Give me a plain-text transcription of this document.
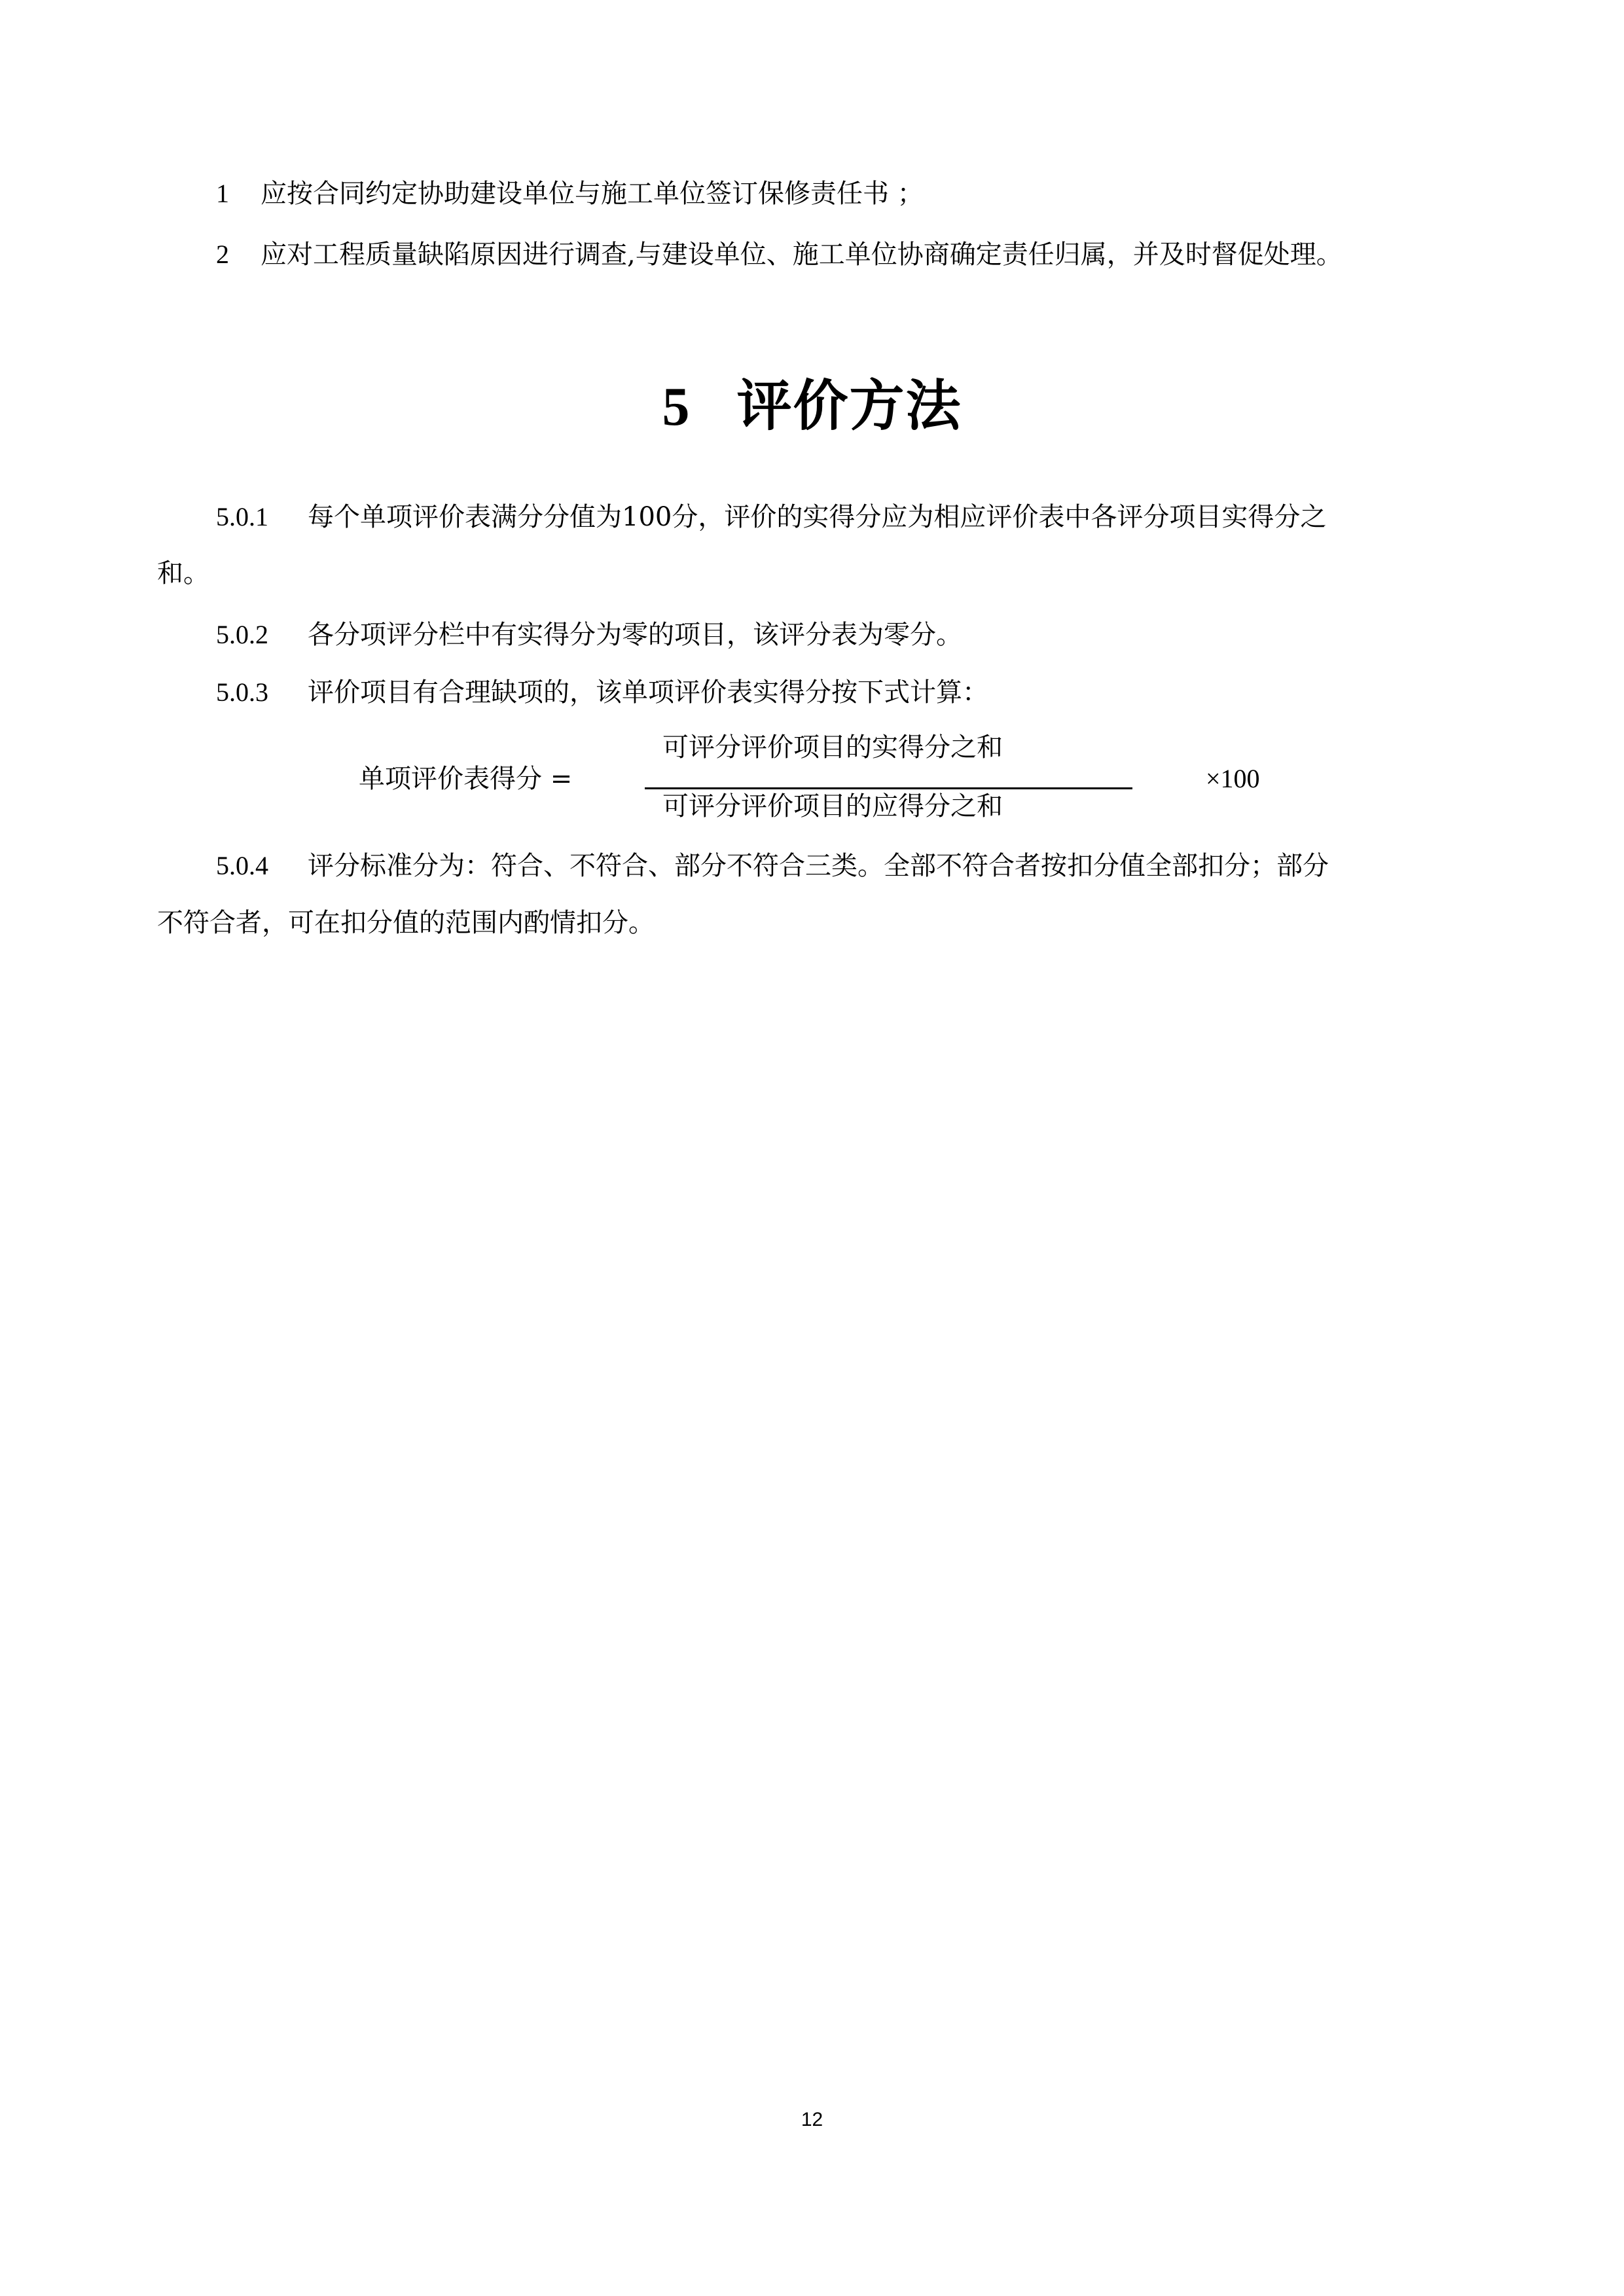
1 应按合同约定协助建设单位与施工单位签订保修责任书 ；
2 应对工程质量缺陷原因进行调查,与建设单位、施工单位协商确定责任归属，并及时督促处理。
5 评价方法
5.0.1 每个单项评价表满分分值为100分，评价的实得分应为相应评价表中各评分项目实得分之
和。
5.0.2 各分项评分栏中有实得分为零的项目，该评分表为零分。
5.0.3 评价项目有合理缺项的，该单项评价表实得分按下式计算：
单项评价表得分 =
可评分评价项目的实得分之和
可评分评价项目的应得分之和
×100
5.0.4 评分标准分为：符合、不符合、部分不符合三类。全部不符合者按扣分值全部扣分；部分
不符合者，可在扣分值的范围内酌情扣分。
12
